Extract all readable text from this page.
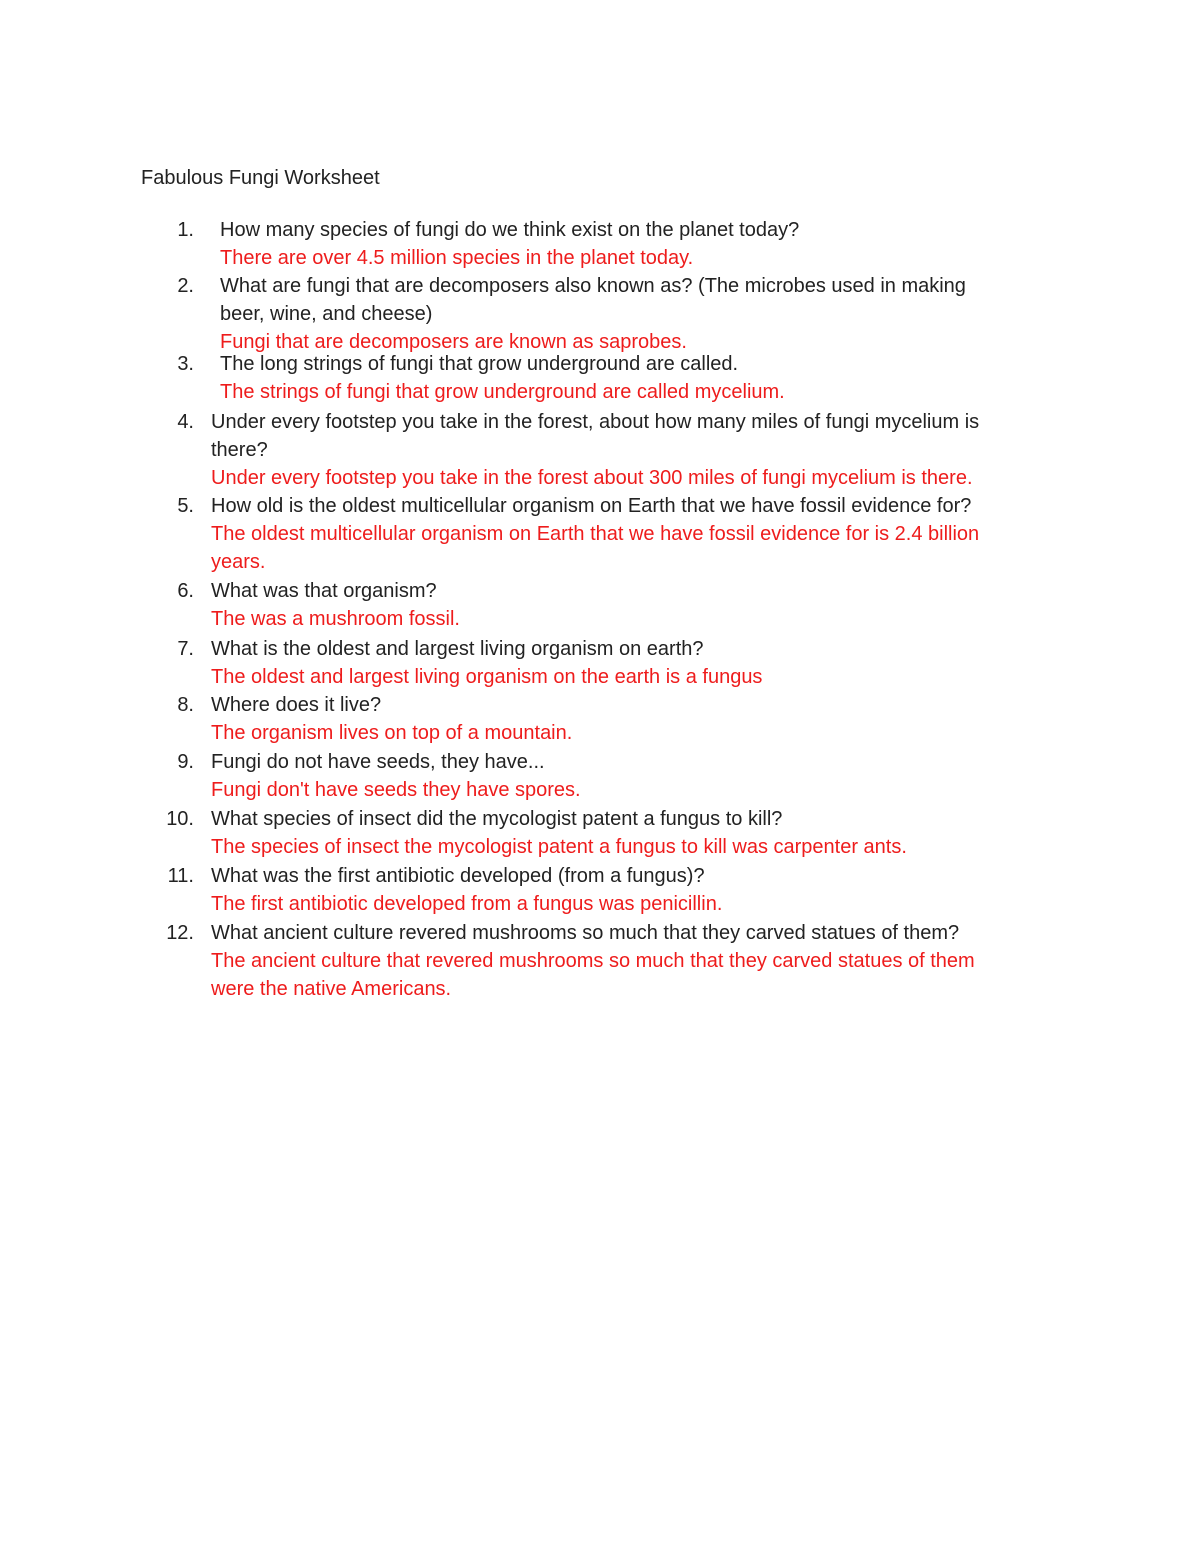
Fabulous Fungi Worksheet
1. How many species of fungi do we think exist on the planet today?
There are over 4.5 million species in the planet today.
2. What are fungi that are decomposers also known as? (The microbes used in making
beer, wine, and cheese)
Fungi that are decomposers are known as saprobes.
3. The long strings of fungi that grow underground are called.
The strings of fungi that grow underground are called mycelium.
4. Under every footstep you take in the forest, about how many miles of fungi mycelium is
there?
Under every footstep you take in the forest about 300 miles of fungi mycelium is there.
5. How old is the oldest multicellular organism on Earth that we have fossil evidence for?
The oldest multicellular organism on Earth that we have fossil evidence for is 2.4 billion
years.
6. What was that organism?
The was a mushroom fossil.
7. What is the oldest and largest living organism on earth?
The oldest and largest living organism on the earth is a fungus
8. Where does it live?
The organism lives on top of a mountain.
9. Fungi do not have seeds, they have...
Fungi don't have seeds they have spores.
10. What species of insect did the mycologist patent a fungus to kill?
The species of insect the mycologist patent a fungus to kill was carpenter ants.
11. What was the first antibiotic developed (from a fungus)?
The first antibiotic developed from a fungus was penicillin.
12. What ancient culture revered mushrooms so much that they carved statues of them?
The ancient culture that revered mushrooms so much that they carved statues of them
were the native Americans.
